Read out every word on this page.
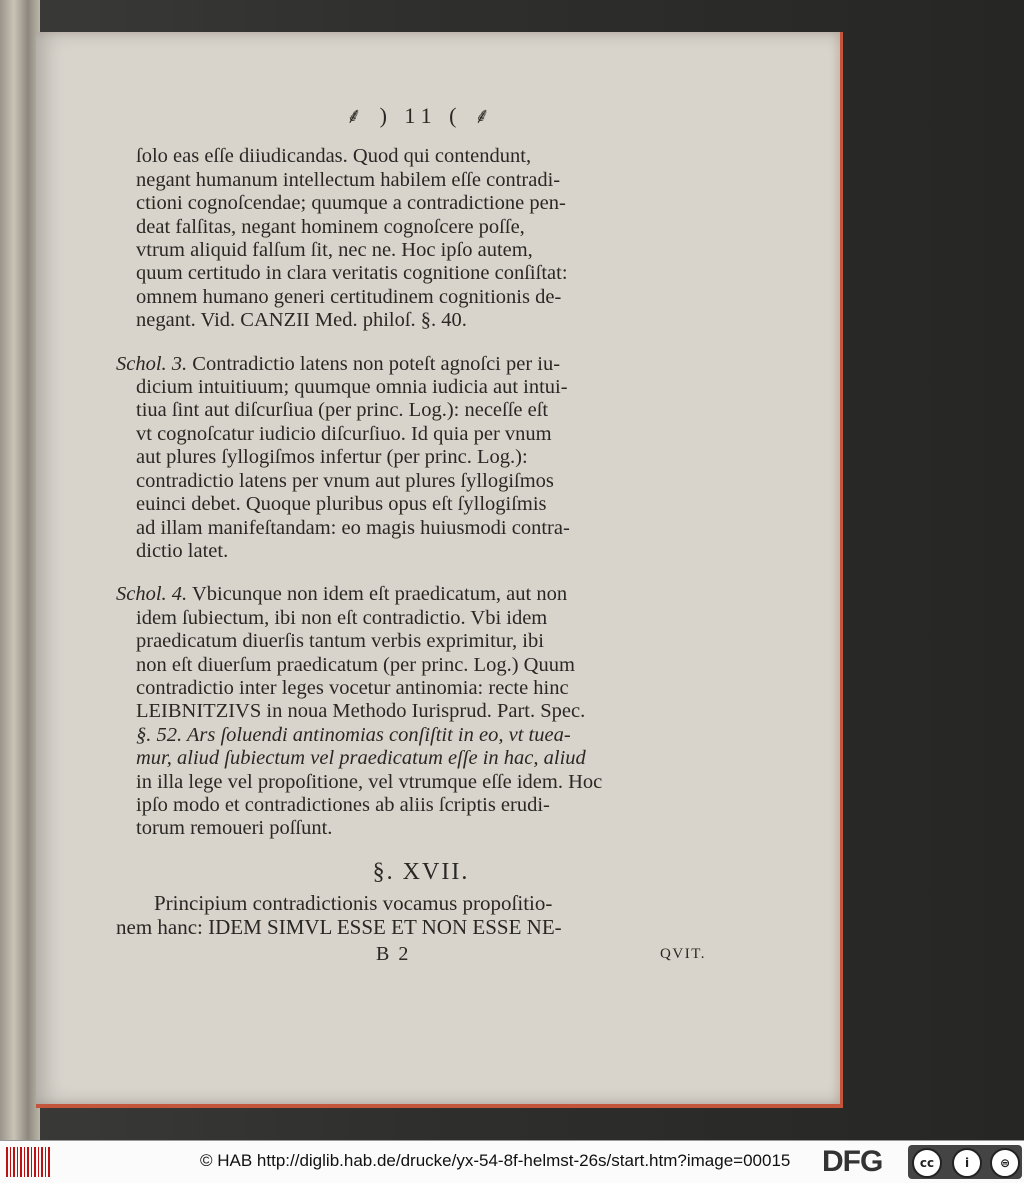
⸙ ) 11 ( ⸙

ſolo eas eſſe diiudicandas. Quod qui contendunt,

negant humanum intellectum habilem eſſe contradi-

ctioni cognoſcendae; quumque a contradictione pen-

deat falſitas, negant hominem cognoſcere poſſe,

vtrum aliquid falſum ſit, nec ne. Hoc ipſo autem,

quum certitudo in clara veritatis cognitione conſiſtat:

omnem humano generi certitudinem cognitionis de-

negant. Vid. CANZII Med. philoſ. §. 40.

Schol. 3. Contradictio latens non poteſt agnoſci per iu-

dicium intuitiuum; quumque omnia iudicia aut intui-

tiua ſint aut diſcurſiua (per princ. Log.): neceſſe eſt

vt cognoſcatur iudicio diſcurſiuo. Id quia per vnum

aut plures ſyllogiſmos infertur (per princ. Log.):

contradictio latens per vnum aut plures ſyllogiſmos

euinci debet. Quoque pluribus opus eſt ſyllogiſmis

ad illam manifeſtandam: eo magis huiusmodi contra-

dictio latet.

Schol. 4. Vbicunque non idem eſt praedicatum, aut non

idem ſubiectum, ibi non eſt contradictio. Vbi idem

praedicatum diuerſis tantum verbis exprimitur, ibi

non eſt diuerſum praedicatum (per princ. Log.) Quum

contradictio inter leges vocetur antinomia: recte hinc

LEIBNITZIVS in noua Methodo Iurisprud. Part. Spec.

§. 52. Ars ſoluendi antinomias conſiſtit in eo, vt tuea-

mur, aliud ſubiectum vel praedicatum eſſe in hac, aliud

in illa lege vel propoſitione, vel vtrumque eſſe idem. Hoc

ipſo modo et contradictiones ab aliis ſcriptis erudi-

torum remoueri poſſunt.

§. XVII.

Principium contradictionis vocamus propoſitio-

nem hanc: IDEM SIMVL ESSE ET NON ESSE NE-

B 2	QVIT.
© HAB http://diglib.hab.de/drucke/yx-54-8f-helmst-26s/start.htm?image=00015 DFG	cc	i	⊜
